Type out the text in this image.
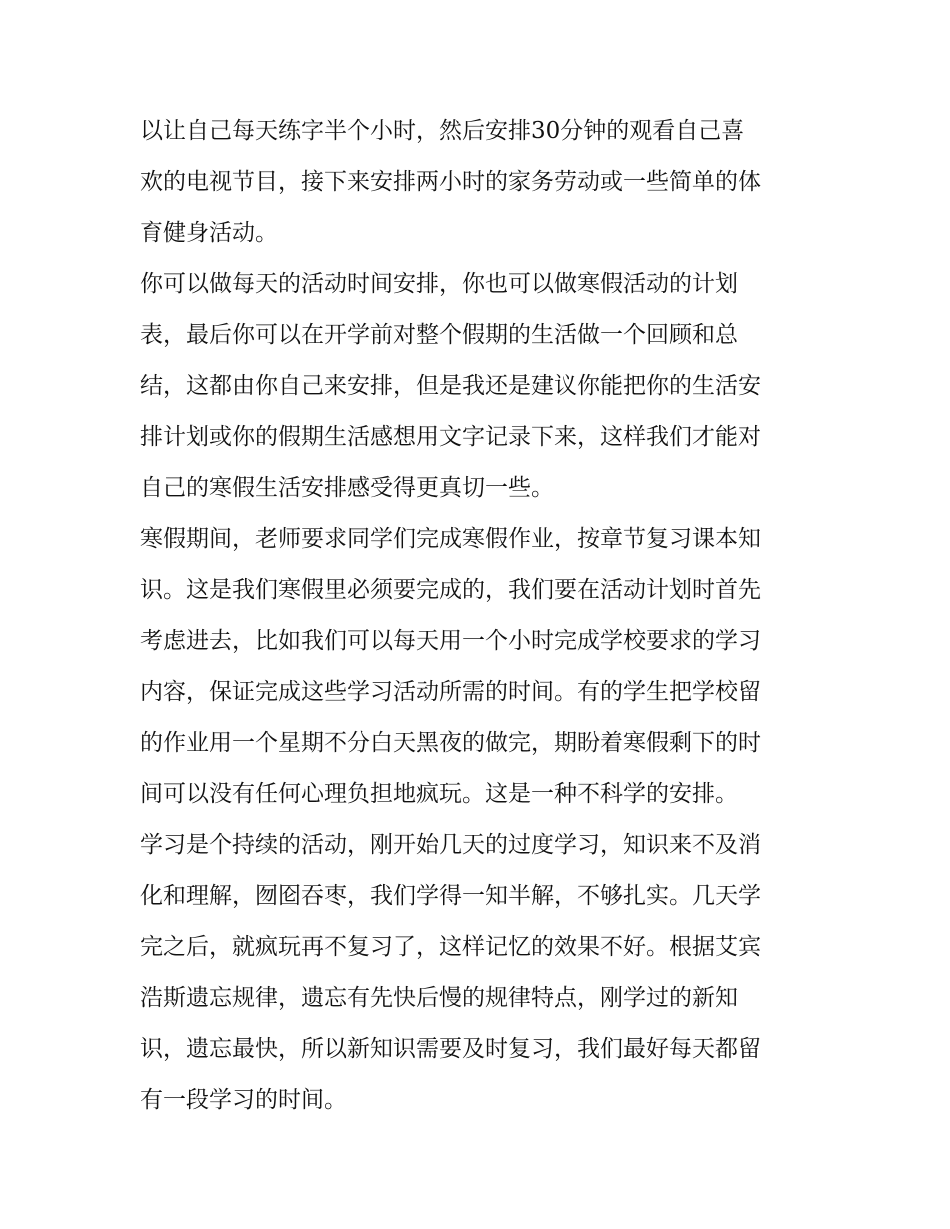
以让自己每天练字半个小时，然后安排30分钟的观看自己喜
欢的电视节目，接下来安排两小时的家务劳动或一些简单的体
育健身活动。

你可以做每天的活动时间安排，你也可以做寒假活动的计划
表，最后你可以在开学前对整个假期的生活做一个回顾和总
结，这都由你自己来安排，但是我还是建议你能把你的生活安
排计划或你的假期生活感想用文字记录下来，这样我们才能对
自己的寒假生活安排感受得更真切一些。

寒假期间，老师要求同学们完成寒假作业，按章节复习课本知
识。这是我们寒假里必须要完成的，我们要在活动计划时首先
考虑进去，比如我们可以每天用一个小时完成学校要求的学习
内容，保证完成这些学习活动所需的时间。有的学生把学校留
的作业用一个星期不分白天黑夜的做完，期盼着寒假剩下的时
间可以没有任何心理负担地疯玩。这是一种不科学的安排。

学习是个持续的活动，刚开始几天的过度学习，知识来不及消
化和理解，囫囵吞枣，我们学得一知半解，不够扎实。几天学
完之后，就疯玩再不复习了，这样记忆的效果不好。根据艾宾
浩斯遗忘规律，遗忘有先快后慢的规律特点，刚学过的新知
识，遗忘最快，所以新知识需要及时复习，我们最好每天都留
有一段学习的时间。
